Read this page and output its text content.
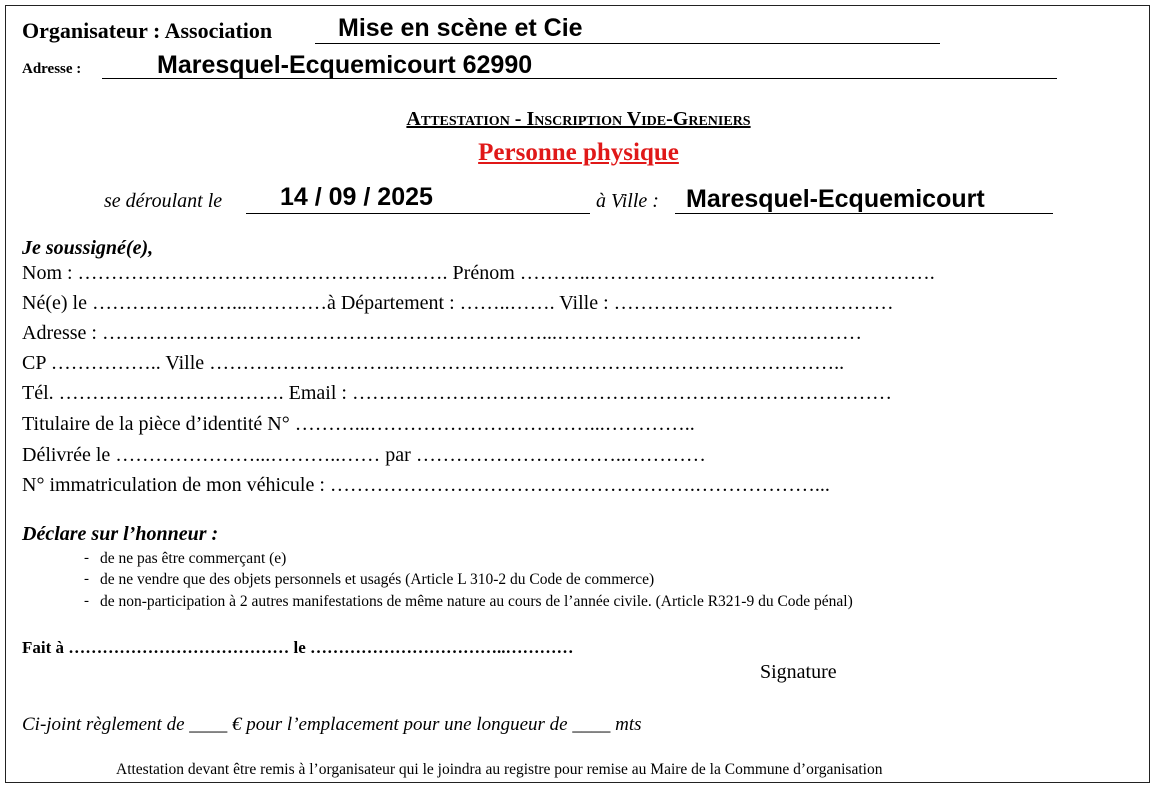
Organisateur : Association	Mise en scène et Cie
Adresse :	Maresquel-Ecquemicourt 62990
Attestation - Inscription Vide-Greniers
Personne physique
se déroulant le 14 / 09 / 2025	à Ville : Maresquel-Ecquemicourt
Je soussigné(e),
Nom : ………………………………………….……. Prénom ………..…………………………………………….
Né(e) le …………………...…………à Département : ……..……. Ville : ……………………………………
Adresse : …………………………………………………………...……………………………….………
CP …………….. Ville ……………………….…………………………………………………………..
Tél. ……………………………. Email : ………………………………………………………………………
Titulaire de la pièce d’identité N° ………...……………………………...…………..
Délivrée le …………………...………..…… par …………………………..…………
N° immatriculation de mon véhicule : ……………………………………………….………………...
Déclare sur l’honneur :
- de ne pas être commerçant (e)
- de ne vendre que des objets personnels et usagés (Article L 310-2 du Code de commerce)
- de non-participation à 2 autres manifestations de même nature au cours de l’année civile. (Article R321-9 du Code pénal)
Fait à ………………………………… le ……………………………..…………
Signature
Ci-joint règlement de ____ € pour l’emplacement pour une longueur de ____ mts
Attestation devant être remis à l’organisateur qui le joindra au registre pour remise au Maire de la Commune d’organisation
